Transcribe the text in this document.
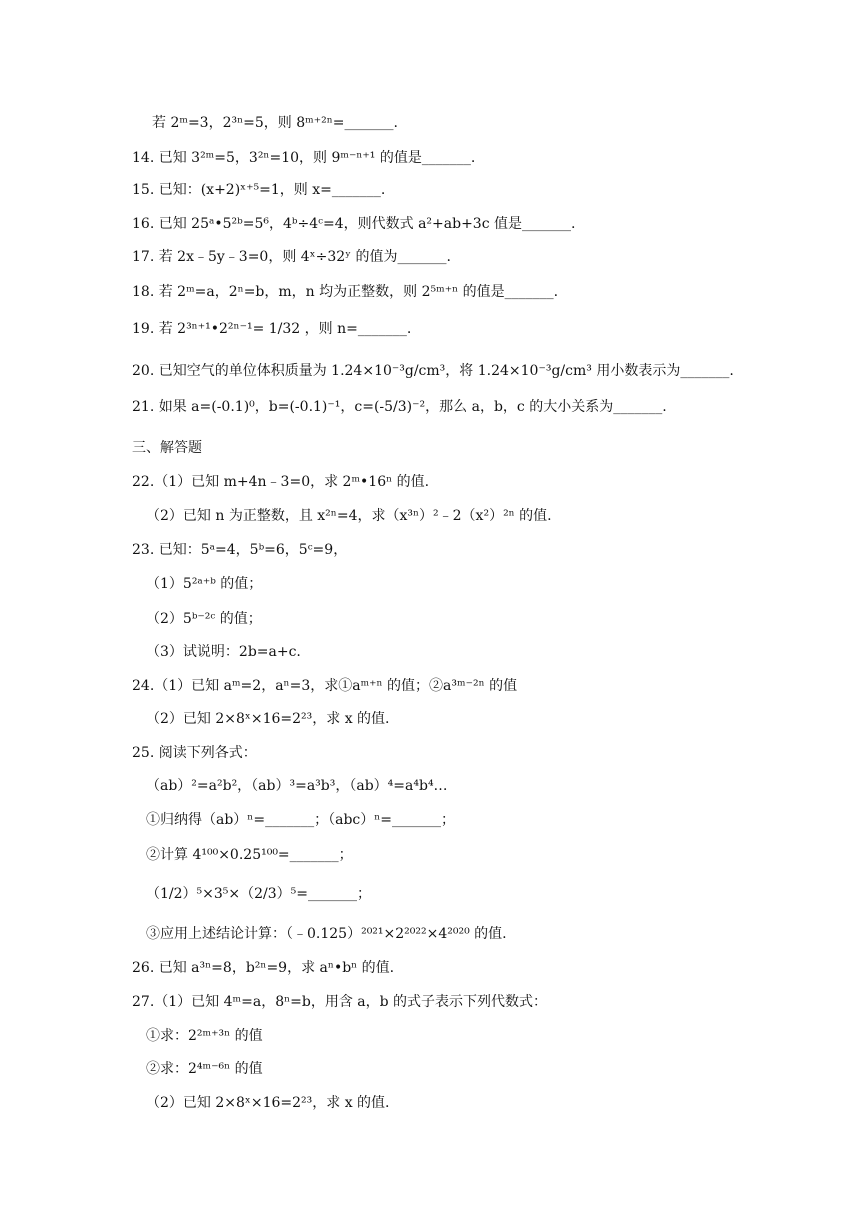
若 2ᵐ=3，2³ⁿ=5，则 8ᵐ⁺²ⁿ=_______.
14. 已知 3²ᵐ=5，3²ⁿ=10，则 9ᵐ⁻ⁿ⁺¹ 的值是_______.
15. 已知：(x+2)ˣ⁺⁵=1，则 x=_______.
16. 已知 25ᵃ•5²ᵇ=5⁶，4ᵇ÷4ᶜ=4，则代数式 a²+ab+3c 值是_______.
17. 若 2x﹣5y﹣3=0，则 4ˣ÷32ʸ 的值为_______.
18. 若 2ᵐ=a，2ⁿ=b，m，n 均为正整数，则 2⁵ᵐ⁺ⁿ 的值是_______.
19. 若 2³ⁿ⁺¹•2²ⁿ⁻¹= 1/32 ，则 n=_______.
20. 已知空气的单位体积质量为 1.24×10⁻³g/cm³，将 1.24×10⁻³g/cm³ 用小数表示为_______.
21. 如果 a=(-0.1)⁰，b=(-0.1)⁻¹，c=(-5/3)⁻²，那么 a，b，c 的大小关系为_______.
三、解答题
22.（1）已知 m+4n﹣3=0，求 2ᵐ•16ⁿ 的值.
（2）已知 n 为正整数，且 x²ⁿ=4，求（x³ⁿ）²﹣2（x²）²ⁿ 的值.
23. 已知：5ᵃ=4，5ᵇ=6，5ᶜ=9，
（1）5²ᵃ⁺ᵇ 的值；
（2）5ᵇ⁻²ᶜ 的值；
（3）试说明：2b=a+c.
24.（1）已知 aᵐ=2，aⁿ=3，求①aᵐ⁺ⁿ 的值；②a³ᵐ⁻²ⁿ 的值
（2）已知 2×8ˣ×16=2²³，求 x 的值.
25. 阅读下列各式：
（ab）²=a²b²，（ab）³=a³b³，（ab）⁴=a⁴b⁴…
①归纳得（ab）ⁿ=_______；（abc）ⁿ=_______；
②计算 4¹⁰⁰×0.25¹⁰⁰=_______；
（1/2）⁵×3⁵×（2/3）⁵=_______；
③应用上述结论计算：（﹣0.125）²⁰²¹×2²⁰²²×4²⁰²⁰ 的值.
26. 已知 a³ⁿ=8，b²ⁿ=9，求 aⁿ•bⁿ 的值.
27.（1）已知 4ᵐ=a，8ⁿ=b，用含 a，b 的式子表示下列代数式：
①求：2²ᵐ⁺³ⁿ 的值
②求：2⁴ᵐ⁻⁶ⁿ 的值
（2）已知 2×8ˣ×16=2²³，求 x 的值.
